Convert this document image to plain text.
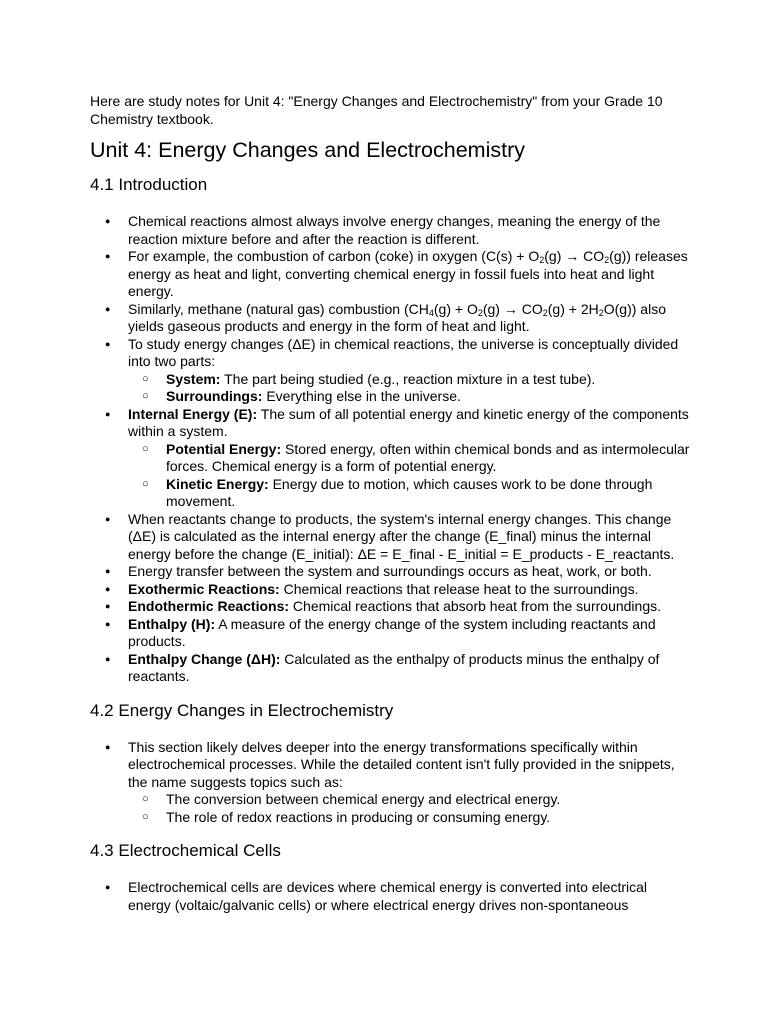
Here are study notes for Unit 4: "Energy Changes and Electrochemistry" from your Grade 10 Chemistry textbook.

Unit 4: Energy Changes and Electrochemistry
4.1 Introduction
● Chemical reactions almost always involve energy changes, meaning the energy of the reaction mixture before and after the reaction is different.
● For example, the combustion of carbon (coke) in oxygen $(C(s) + O_2(g) \to CO_2(g))$ releases energy as heat and light, converting chemical energy in fossil fuels into heat and light energy.
● Similarly, methane (natural gas) combustion $(CH_4(g) + O_2(g) \to CO_2(g) + 2H_2O(g))$ also yields gaseous products and energy in the form of heat and light.
● To study energy changes (ΔE) in chemical reactions, the universe is conceptually divided into two parts:
○ System: The part being studied (e.g., reaction mixture in a test tube).
○ Surroundings: Everything else in the universe.
● Internal Energy (E): The sum of all potential energy and kinetic energy of the components within a system.
○ Potential Energy: Stored energy, often within chemical bonds and as intermolecular forces. Chemical energy is a form of potential energy.
○ Kinetic Energy: Energy due to motion, which causes work to be done through movement.
● When reactants change to products, the system's internal energy changes. This change (ΔE) is calculated as the internal energy after the change (E_final) minus the internal energy before the change (E_initial): ΔE = E_final - E_initial = E_products - E_reactants.
● Energy transfer between the system and surroundings occurs as heat, work, or both.
● Exothermic Reactions: Chemical reactions that release heat to the surroundings.
● Endothermic Reactions: Chemical reactions that absorb heat from the surroundings.
● Enthalpy (H): A measure of the energy change of the system including reactants and products.
● Enthalpy Change (ΔH): Calculated as the enthalpy of products minus the enthalpy of reactants.
4.2 Energy Changes in Electrochemistry
● This section likely delves deeper into the energy transformations specifically within electrochemical processes. While the detailed content isn't fully provided in the snippets, the name suggests topics such as:
○ The conversion between chemical energy and electrical energy.
○ The role of redox reactions in producing or consuming energy.
4.3 Electrochemical Cells
● Electrochemical cells are devices where chemical energy is converted into electrical energy (voltaic/galvanic cells) or where electrical energy drives non-spontaneous
